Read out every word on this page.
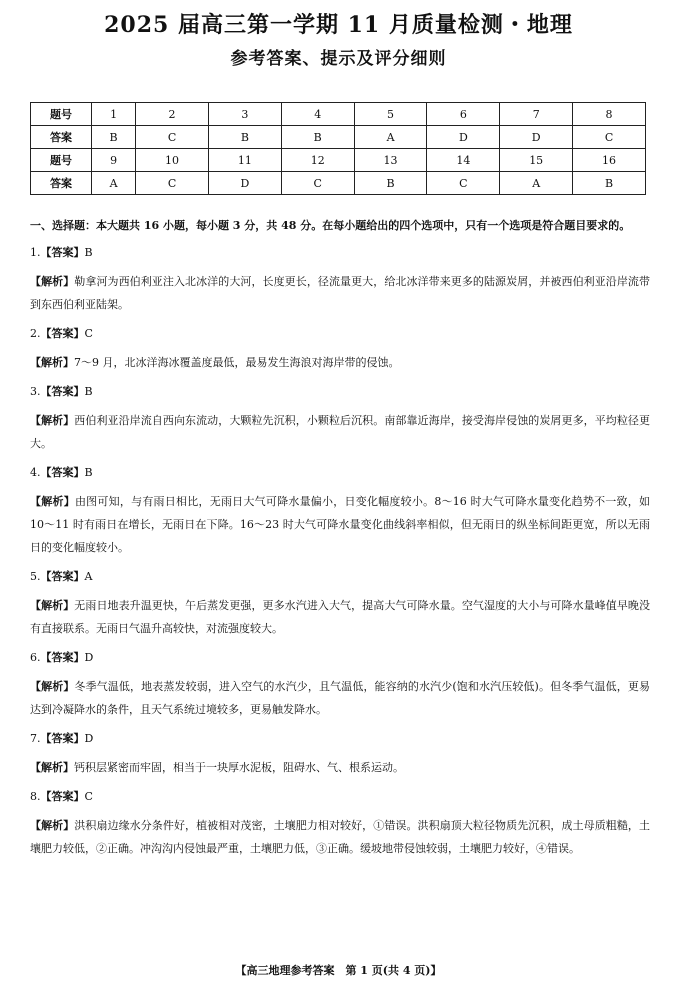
2025 届高三第一学期 11 月质量检测・地理
参考答案、提示及评分细则
题号	1	2	3	4	5	6	7	8
答案	B	C	B	B	A	D	D	C
题号	9	10	11	12	13	14	15	16
答案	A	C	D	C	B	C	A	B
一、选择题：本大题共 16 小题，每小题 3 分，共 48 分。在每小题给出的四个选项中，只有一个选项是符合题目要求的。

1.【答案】B

【解析】勒拿河为西伯利亚注入北冰洋的大河，长度更长，径流量更大，给北冰洋带来更多的陆源炭屑，并被西伯利亚沿岸流带到东西伯利亚陆架。

2.【答案】C

【解析】7～9 月，北冰洋海冰覆盖度最低，最易发生海浪对海岸带的侵蚀。

3.【答案】B

【解析】西伯利亚沿岸流自西向东流动，大颗粒先沉积，小颗粒后沉积。南部靠近海岸，接受海岸侵蚀的炭屑更多，平均粒径更大。

4.【答案】B

【解析】由图可知，与有雨日相比，无雨日大气可降水量偏小，日变化幅度较小。8～16 时大气可降水量变化趋势不一致，如 10～11 时有雨日在增长，无雨日在下降。16～23 时大气可降水量变化曲线斜率相似，但无雨日的纵坐标间距更宽，所以无雨日的变化幅度较小。

5.【答案】A

【解析】无雨日地表升温更快，午后蒸发更强，更多水汽进入大气，提高大气可降水量。空气湿度的大小与可降水量峰值早晚没有直接联系。无雨日气温升高较快，对流强度较大。

6.【答案】D

【解析】冬季气温低，地表蒸发较弱，进入空气的水汽少，且气温低，能容纳的水汽少(饱和水汽压较低)。但冬季气温低，更易达到冷凝降水的条件，且天气系统过境较多，更易触发降水。

7.【答案】D

【解析】钙积层紧密而牢固，相当于一块厚水泥板，阻碍水、气、根系运动。

8.【答案】C

【解析】洪积扇边缘水分条件好，植被相对茂密，土壤肥力相对较好，①错误。洪积扇顶大粒径物质先沉积，成土母质粗糙，土壤肥力较低，②正确。冲沟沟内侵蚀最严重，土壤肥力低，③正确。缓坡地带侵蚀较弱，土壤肥力较好，④错误。

【高三地理参考答案　第 1 页(共 4 页)】
